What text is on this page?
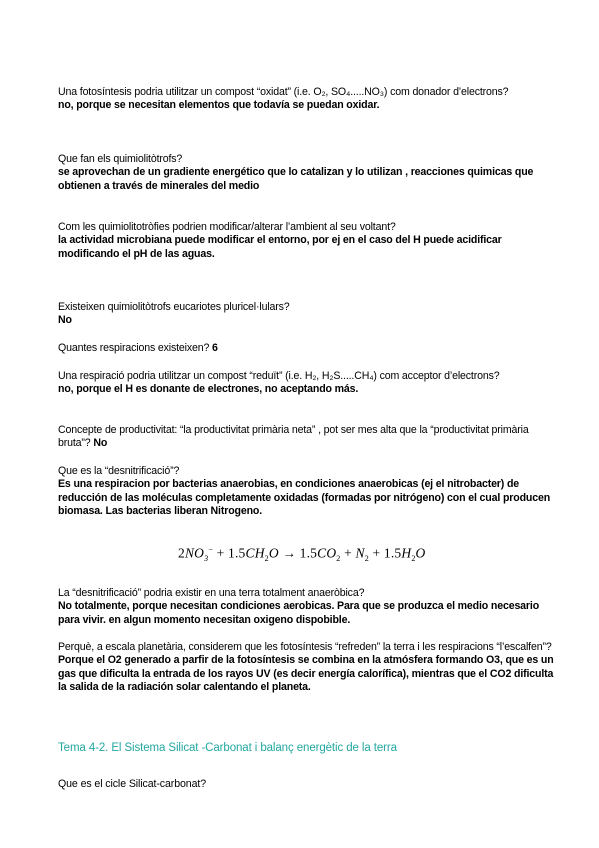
Una fotosíntesis podria utilitzar un compost “oxidat” (i.e. O₂, SO₄.....NO₃) com donador d’electrons?
no, porque se necesitan elementos que todavía se puedan oxidar.
Que fan els quimiolitòtrofs?
se aprovechan de un gradiente energético que lo catalizan y lo utilizan , reacciones quimicas que obtienen a través de minerales del medio
Com les quimiolitotròfies podrien modificar/alterar l’ambient al seu voltant?
la actividad microbiana puede modificar el entorno, por ej en el caso del H puede acidificar modificando el pH de las aguas.
Existeixen quimiolitòtrofs eucariotes pluricel·lulars?
No
Quantes respiracions existeixen? 6
Una respiració podria utilitzar un compost “reduït” (i.e. H₂, H₂S.....CH₄) com acceptor d’electrons?
no, porque el H es donante de electrones, no aceptando más.
Concepte de productivitat: “la productivitat primària neta” , pot ser mes alta que la “productivitat primària bruta”? No
Que es la “desnitrificació”?
Es una respiracion por bacterias anaerobias, en condiciones anaerobicas (ej el nitrobacter) de reducción de las moléculas completamente oxidadas (formadas por nitrógeno) con el cual producen biomasa. Las bacterias liberan Nitrogeno.
$2NO_3^- + 1.5CH_2O \to 1.5CO_2 + N_2 + 1.5H_2O$
La “desnitrificació” podria existir en una terra totalment anaeròbica?
No totalmente, porque necesitan condiciones aerobicas. Para que se produzca el medio necesario para vivir. en algun momento necesitan oxigeno dispobible.
Perquè, a escala planetària, considerem que les fotosíntesis “refreden” la terra i les respiracions “l’escalfen”?
Porque el O2 generado a parfir de la fotosíntesis se combina en la atmósfera formando O3, que es un gas que dificulta la entrada de los rayos UV (es decir energía calorífica), mientras que el CO2 dificulta la salida de la radiación solar calentando el planeta.
Tema 4-2. El Sistema Silicat -Carbonat i balanç energètic de la terra
Que es el cicle Silicat-carbonat?
